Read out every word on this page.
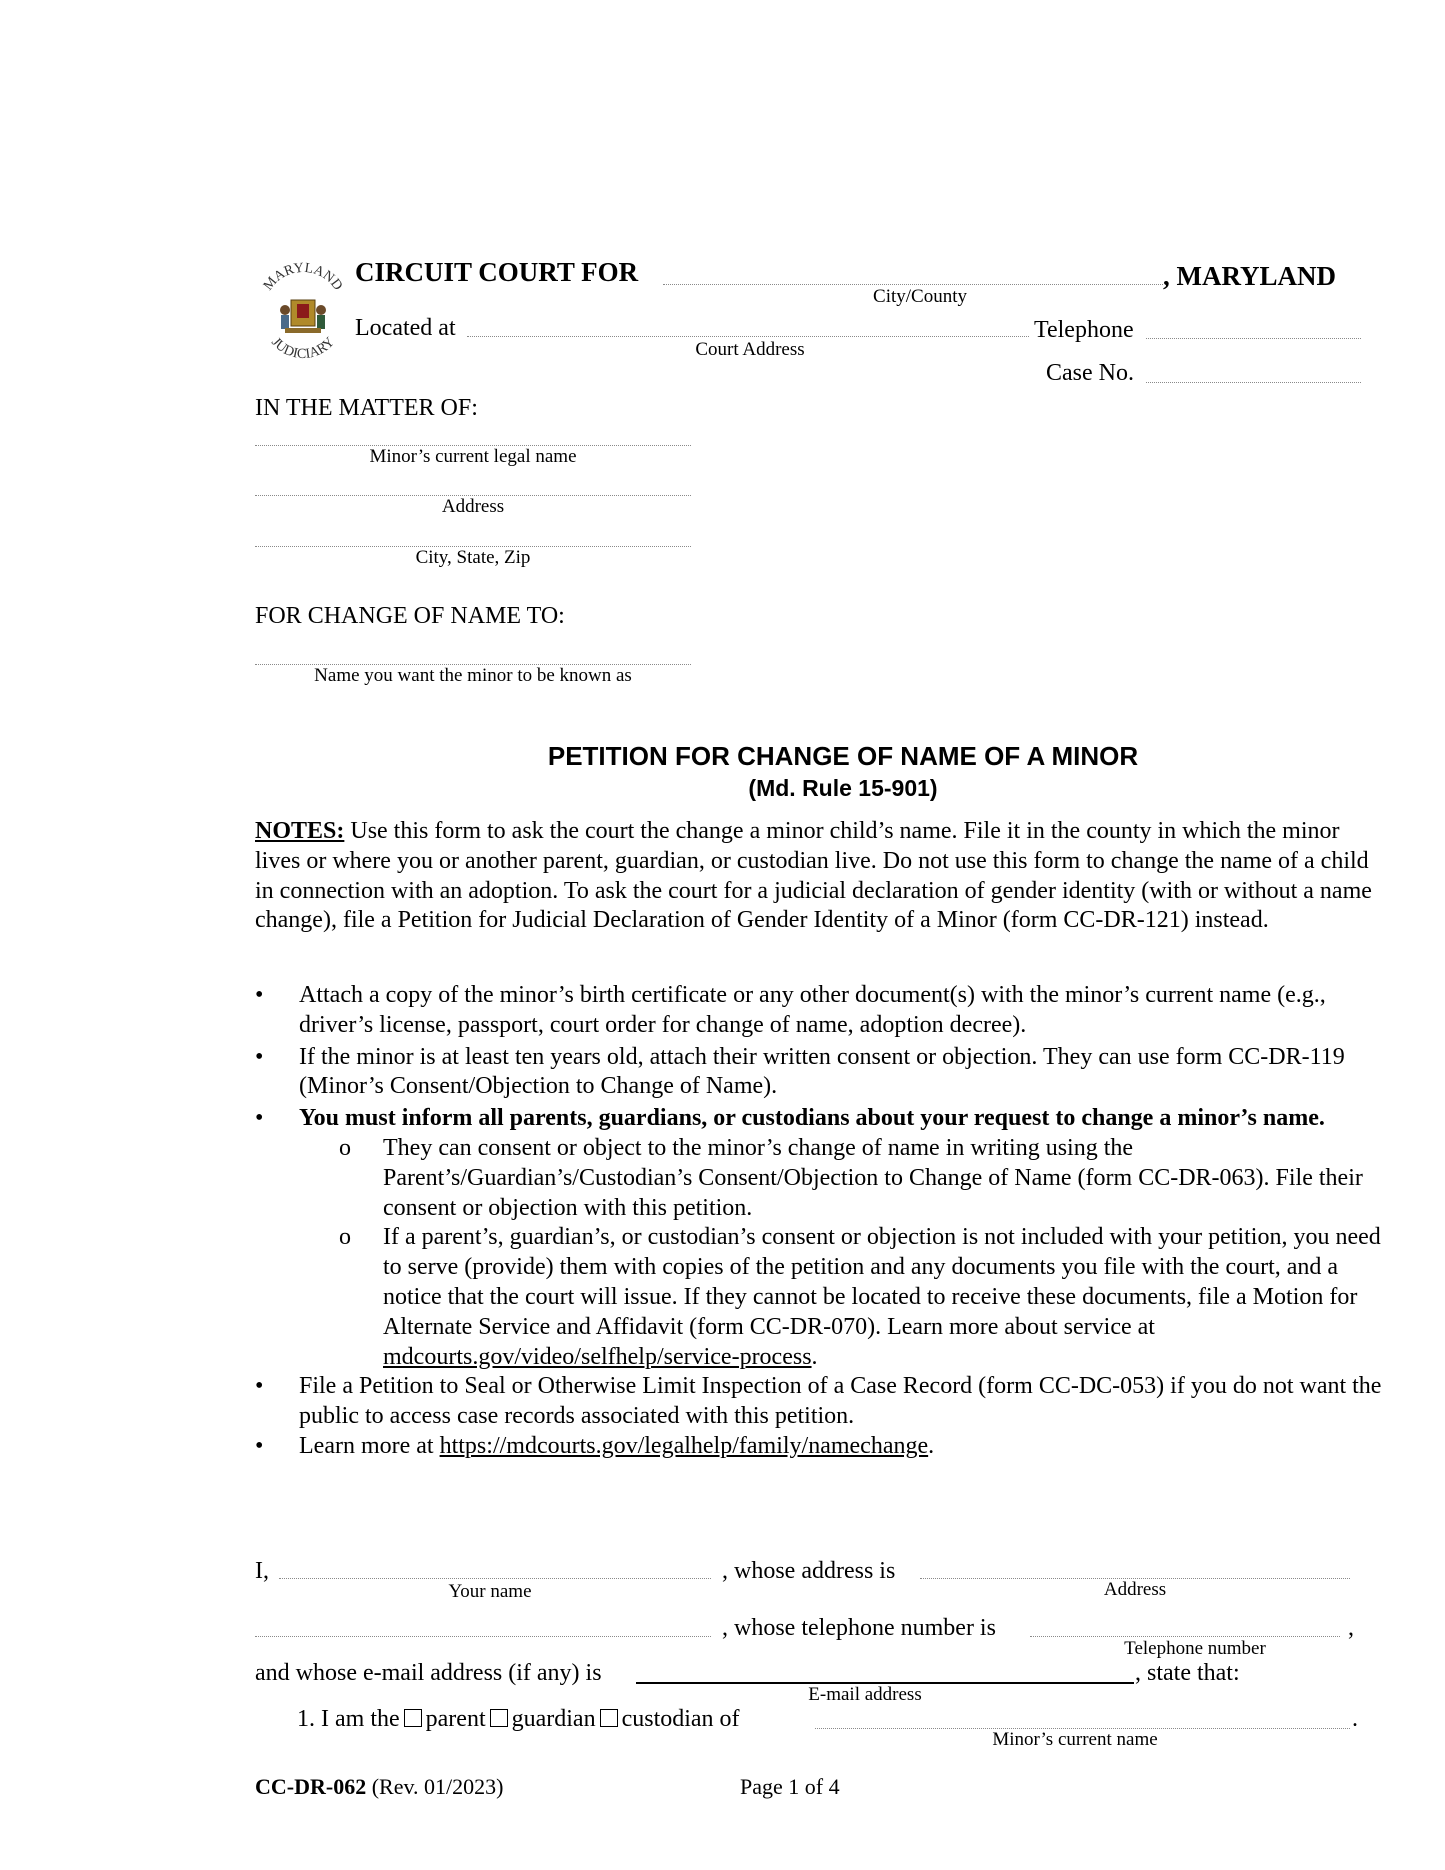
MARYLAND
JUDICIARY
CIRCUIT COURT FOR
City/County
, MARYLAND
Located at
Court Address
Telephone
Case No.
IN THE MATTER OF:
Minor’s current legal name
Address
City, State, Zip
FOR CHANGE OF NAME TO:
Name you want the minor to be known as
PETITION FOR CHANGE OF NAME OF A MINOR
(Md. Rule 15-901)
NOTES: Use this form to ask the court the change a minor child’s name. File it in the county in which the minor lives or where you or another parent, guardian, or custodian live. Do not use this form to change the name of a child in connection with an adoption. To ask the court for a judicial declaration of gender identity (with or without a name change), file a Petition for Judicial Declaration of Gender Identity of a Minor (form CC-DR-121) instead.
• Attach a copy of the minor’s birth certificate or any other document(s) with the minor’s current name (e.g., driver’s license, passport, court order for change of name, adoption decree).
• If the minor is at least ten years old, attach their written consent or objection. They can use form CC-DR-119 (Minor’s Consent/Objection to Change of Name).
• You must inform all parents, guardians, or custodians about your request to change a minor’s name.
o They can consent or object to the minor’s change of name in writing using the Parent’s/Guardian’s/Custodian’s Consent/Objection to Change of Name (form CC-DR-063). File their consent or objection with this petition.
o If a parent’s, guardian’s, or custodian’s consent or objection is not included with your petition, you need to serve (provide) them with copies of the petition and any documents you file with the court, and a notice that the court will issue. If they cannot be located to receive these documents, file a Motion for Alternate Service and Affidavit (form CC-DR-070). Learn more about service at mdcourts.gov/video/selfhelp/service-process.
• File a Petition to Seal or Otherwise Limit Inspection of a Case Record (form CC-DC-053) if you do not want the public to access case records associated with this petition.
• Learn more at https://mdcourts.gov/legalhelp/family/namechange.
I,
Your name
, whose address is
Address
, whose telephone number is
Telephone number
,
and whose e-mail address (if any) is
E-mail address
, state that:
1. I am the parent guardian custodian of	.
Minor’s current name
CC-DR-062 (Rev. 01/2023)	Page 1 of 4
